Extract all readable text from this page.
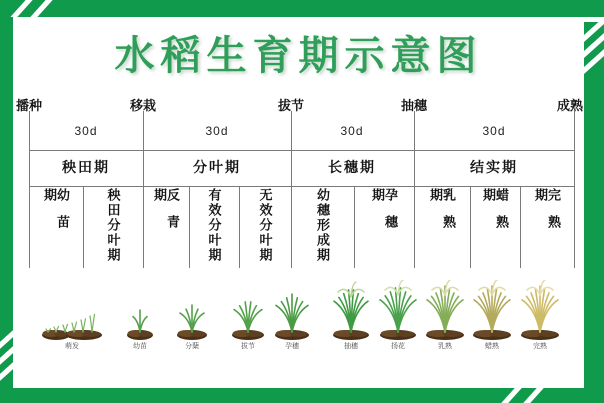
水稻生育期示意图
播种	移栽	拔节	抽穗	成熟
30d	30d	30d	30d
秧田期	分叶期	长穗期	结实期
幼苗期	秧田分叶期	反青期	有效分叶期	无效分叶期	幼穗形成期	孕穗期	乳熟期	蜡熟期	完熟期
萌发	幼苗	分蘖	拔节	孕穗	抽穗	扬花	乳熟	蜡熟	完熟
